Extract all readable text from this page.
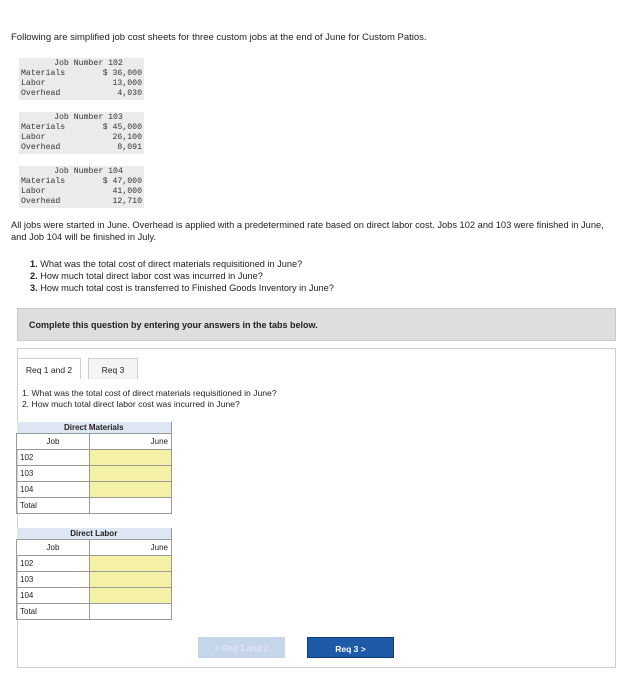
Following are simplified job cost sheets for three custom jobs at the end of June for Custom Patios.
Job Number 102
Materials	$ 36,000
Labor	13,000
Overhead	4,030
Job Number 103
Materials	$ 45,000
Labor	26,100
Overhead	8,091
Job Number 104
Materials	$ 47,000
Labor	41,000
Overhead	12,710
All jobs were started in June. Overhead is applied with a predetermined rate based on direct labor cost. Jobs 102 and 103 were finished in June, and Job 104 will be finished in July.
1. What was the total cost of direct materials requisitioned in June?
2. How much total direct labor cost was incurred in June?
3. How much total cost is transferred to Finished Goods Inventory in June?
Complete this question by entering your answers in the tabs below.
Req 1 and 2	Req 3
1. What was the total cost of direct materials requisitioned in June?
2. How much total direct labor cost was incurred in June?
Direct Materials	
Job	June
102	
103	
104	
Total	
Direct Labor	
Job	June
102	
103	
104	
Total	
< Req 1 and 2	Req 3 >
